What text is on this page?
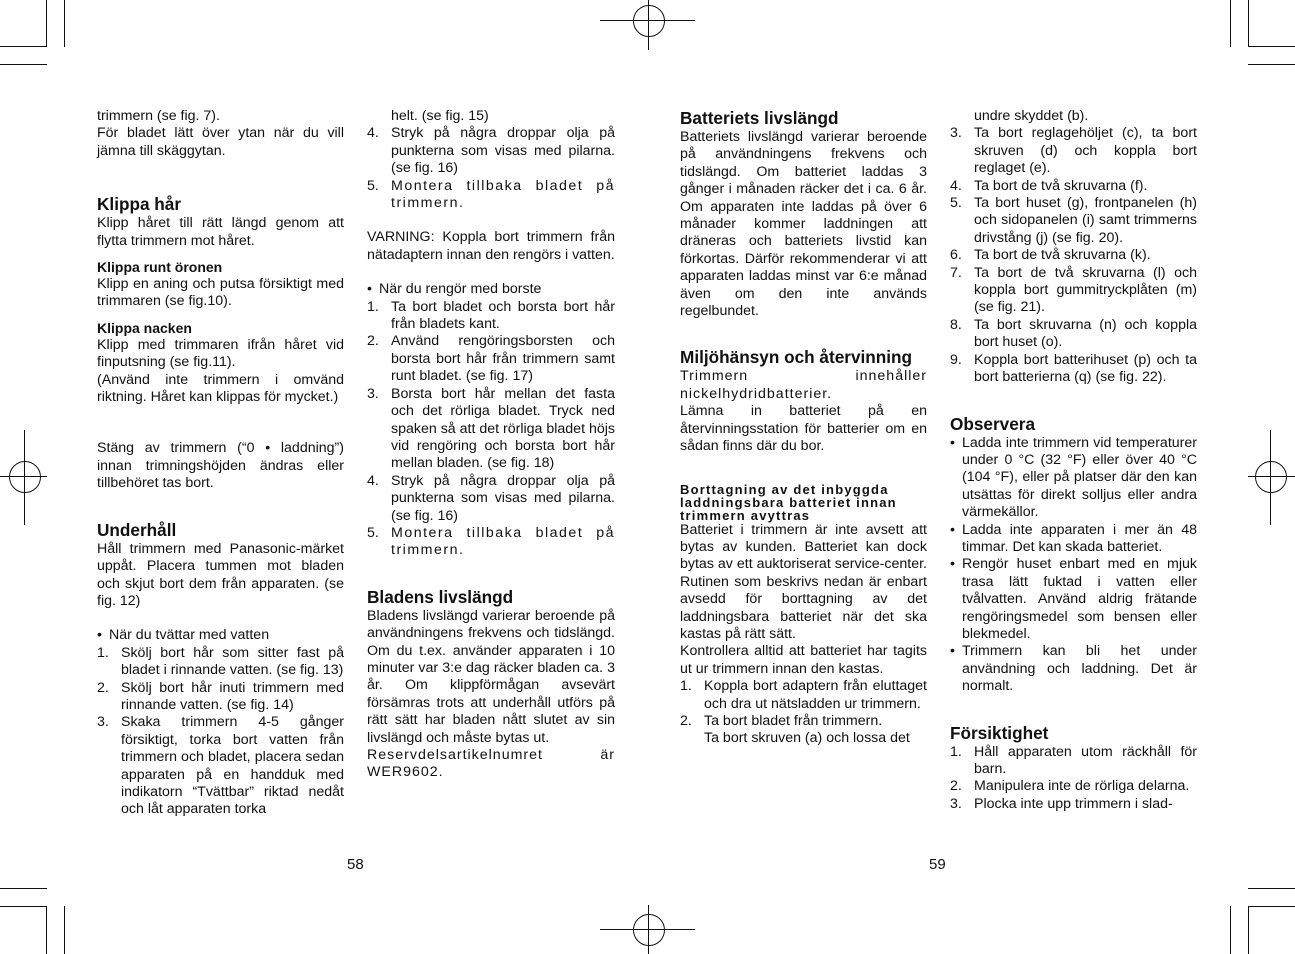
trimmern (se fig. 7).

För bladet lätt över ytan när du vill jämna till skäggytan.

Klippa hår

Klipp håret till rätt längd genom att flytta trimmern mot håret.

Klippa runt öronen

Klipp en aning och putsa försiktigt med trimmaren (se fig.10).

Klippa nacken

Klipp med trimmaren ifrån håret vid finputsning (se fig.11).

(Använd inte trimmern i omvänd riktning. Håret kan klippas för mycket.)

Stäng av trimmern (“0 • laddning”) innan trimningshöjden ändras eller tillbehöret tas bort.

Underhåll

Håll trimmern med Panasonic-märket uppåt. Placera tummen mot bladen och skjut bort dem från apparaten. (se fig. 12)

• När du tvättar med vatten
1. Skölj bort hår som sitter fast på bladet i rinnande vatten. (se fig. 13)
2. Skölj bort hår inuti trimmern med rinnande vatten. (se fig. 14)
3. Skaka trimmern 4-5 gånger försiktigt, torka bort vatten från trimmern och bladet, placera sedan apparaten på en handduk med indikatorn “Tvättbar” riktad nedåt och låt apparaten torka
58
helt. (se fig. 15)
4. Stryk på några droppar olja på punkterna som visas med pilarna. (se fig. 16)
5. Montera tillbaka bladet på trimmern.

VARNING: Koppla bort trimmern från nätadaptern innan den rengörs i vatten.

• När du rengör med borste
1. Ta bort bladet och borsta bort hår från bladets kant.
2. Använd rengöringsborsten och borsta bort hår från trimmern samt runt bladet. (se fig. 17)
3. Borsta bort hår mellan det fasta och det rörliga bladet. Tryck ned spaken så att det rörliga bladet höjs vid rengöring och borsta bort hår mellan bladen. (se fig. 18)
4. Stryk på några droppar olja på punkterna som visas med pilarna. (se fig. 16)
5. Montera tillbaka bladet på trimmern.
Bladens livslängd

Bladens livslängd varierar beroende på användningens frekvens och tidslängd. Om du t.ex. använder apparaten i 10 minuter var 3:e dag räcker bladen ca. 3 år. Om klippförmågan avsevärt försämras trots att underhåll utförs på rätt sätt har bladen nått slutet av sin livslängd och måste bytas ut.

Reservdelsartikelnumret är WER9602.

Batteriets livslängd

Batteriets livslängd varierar beroende på användningens frekvens och tidslängd. Om batteriet laddas 3 gånger i månaden räcker det i ca. 6 år. Om apparaten inte laddas på över 6 månader kommer laddningen att dräneras och batteriets livstid kan förkortas. Därför rekommenderar vi att apparaten laddas minst var 6:e månad även om den inte används regelbundet.

Miljöhänsyn och återvinning

Trimmern innehåller nickelhydridbatterier.

Lämna in batteriet på en återvinningsstation för batterier om en sådan finns där du bor.

Borttagning av det inbyggda laddningsbara batteriet innan trimmern avyttras

Batteriet i trimmern är inte avsett att bytas av kunden. Batteriet kan dock bytas av ett auktoriserat service-center. Rutinen som beskrivs nedan är enbart avsedd för borttagning av det laddningsbara batteriet när det ska kastas på rätt sätt.

Kontrollera alltid att batteriet har tagits ut ur trimmern innan den kastas.

1. Koppla bort adaptern från eluttaget och dra ut nätsladden ur trimmern.
2. Ta bort bladet från trimmern.
Ta bort skruven (a) och lossa det
undre skyddet (b).
3. Ta bort reglagehöljet (c), ta bort skruven (d) och koppla bort reglaget (e).
4. Ta bort de två skruvarna (f).
5. Ta bort huset (g), frontpanelen (h) och sidopanelen (i) samt trimmerns drivstång (j) (se fig. 20).
6. Ta bort de två skruvarna (k).
7. Ta bort de två skruvarna (l) och koppla bort gummitryckplåten (m) (se fig. 21).
8. Ta bort skruvarna (n) och koppla bort huset (o).
9. Koppla bort batterihuset (p) och ta bort batterierna (q) (se fig. 22).
Observera
• Ladda inte trimmern vid temperaturer under 0 °C (32 °F) eller över 40 °C (104 °F), eller på platser där den kan utsättas för direkt solljus eller andra värmekällor.
• Ladda inte apparaten i mer än 48 timmar. Det kan skada batteriet.
• Rengör huset enbart med en mjuk trasa lätt fuktad i vatten eller tvålvatten. Använd aldrig frätande rengöringsmedel som bensen eller blekmedel.
• Trimmern kan bli het under användning och laddning. Det är normalt.
Försiktighet
1. Håll apparaten utom räckhåll för barn.
2. Manipulera inte de rörliga delarna.
3. Plocka inte upp trimmern i slad-
59
